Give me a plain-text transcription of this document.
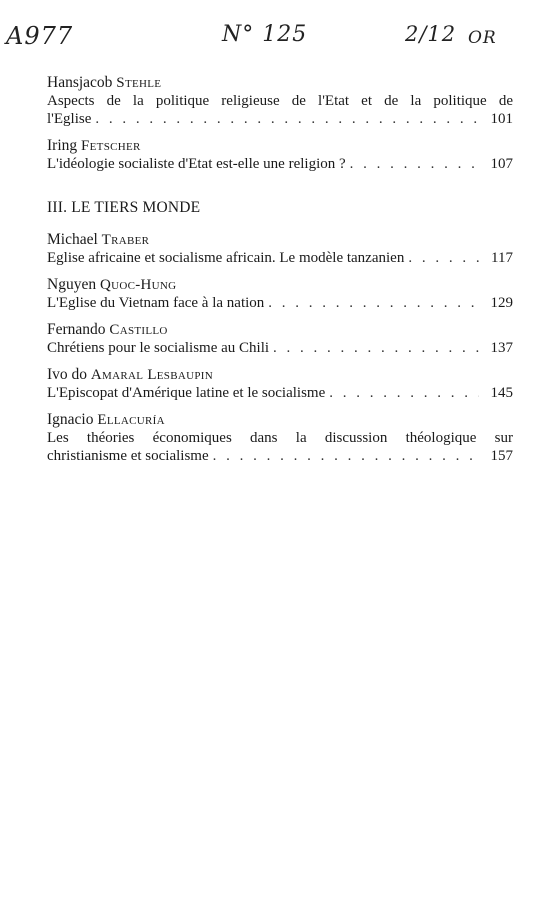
A977	N° 125	2/12 OR
Hansjacob Stehle
Aspects de la politique religieuse de l'Etat et de la politique de
l'Eglise . . .	101
Iring Fetscher
L'idéologie socialiste d'Etat est-elle une religion ? . . .	107
III. LE TIERS MONDE
Michael Traber
Eglise africaine et socialisme africain. Le modèle tanzanien . . .	117
Nguyen Quoc-Hung
L'Eglise du Vietnam face à la nation . . .	129
Fernando Castillo
Chrétiens pour le socialisme au Chili . . .	137
Ivo do Amaral Lesbaupin
L'Episcopat d'Amérique latine et le socialisme . . .	145
Ignacio Ellacuría
Les théories économiques dans la discussion théologique sur
christianisme et socialisme . . .	157
